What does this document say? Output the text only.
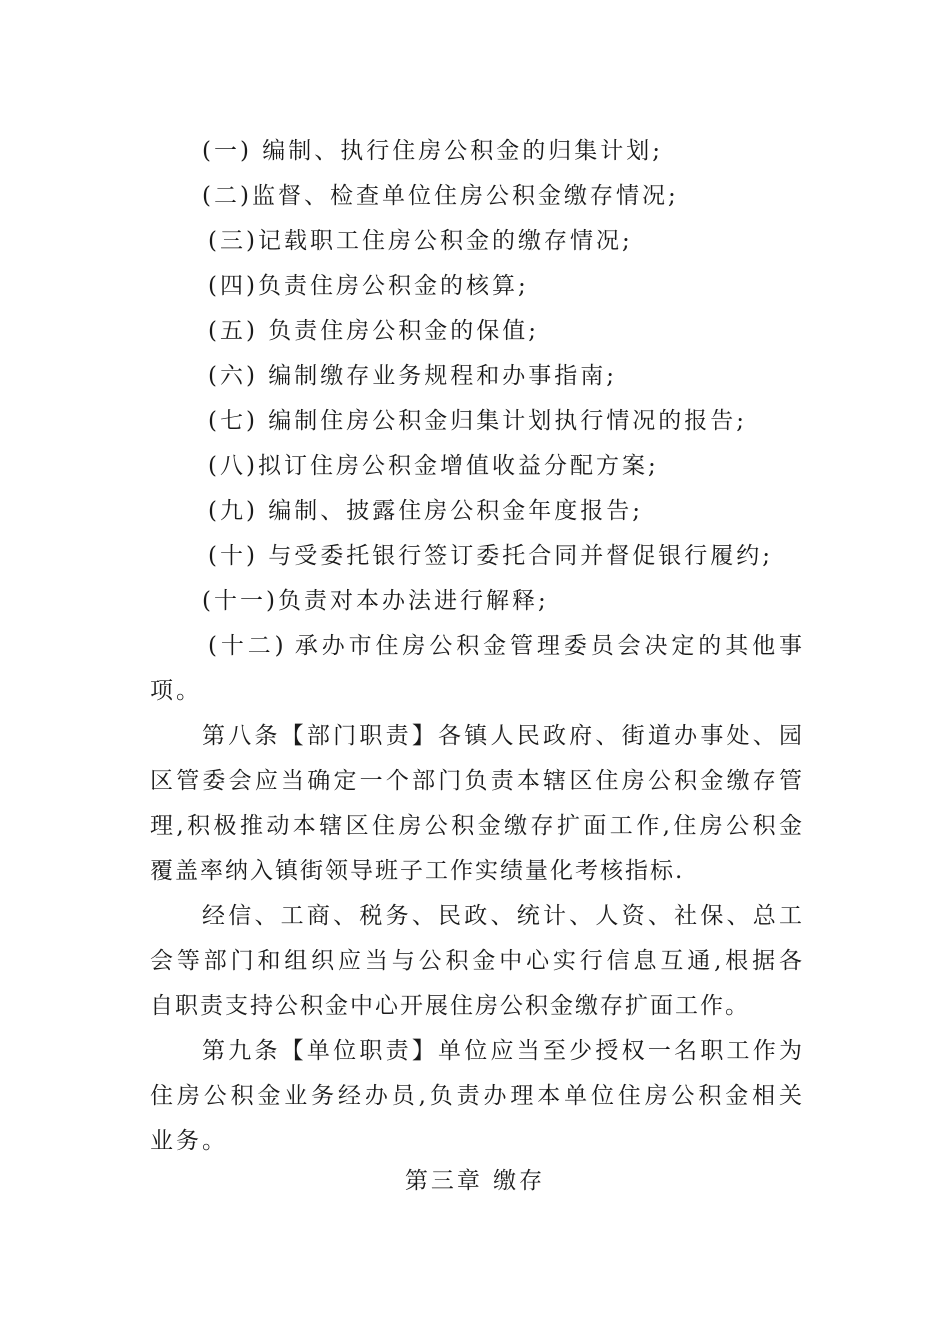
(一) 编制、执行住房公积金的归集计划;
(二)监督、检查单位住房公积金缴存情况;
(三)记载职工住房公积金的缴存情况;
(四)负责住房公积金的核算;
(五) 负责住房公积金的保值;
(六) 编制缴存业务规程和办事指南;
(七) 编制住房公积金归集计划执行情况的报告;
(八)拟订住房公积金增值收益分配方案;
(九) 编制、披露住房公积金年度报告;
(十) 与受委托银行签订委托合同并督促银行履约;
(十一)负责对本办法进行解释;
(十二) 承办市住房公积金管理委员会决定的其他事
项。
第八条【部门职责】各镇人民政府、街道办事处、园
区管委会应当确定一个部门负责本辖区住房公积金缴存管
理,积极推动本辖区住房公积金缴存扩面工作,住房公积金
覆盖率纳入镇街领导班子工作实绩量化考核指标.
经信、工商、税务、民政、统计、人资、社保、总工
会等部门和组织应当与公积金中心实行信息互通,根据各
自职责支持公积金中心开展住房公积金缴存扩面工作。
第九条【单位职责】单位应当至少授权一名职工作为
住房公积金业务经办员,负责办理本单位住房公积金相关
业务。
第三章 缴存
